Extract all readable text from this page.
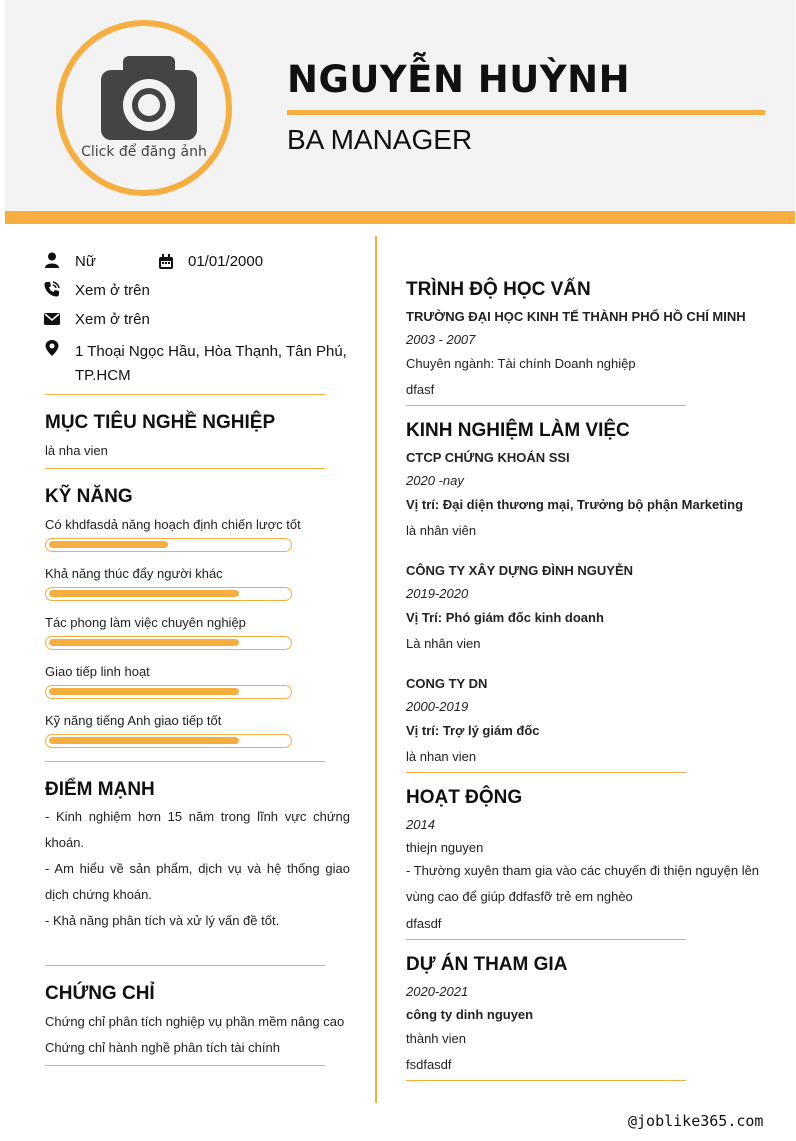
Click để đăng ảnh
NGUYỄN HUỲNH
BA MANAGER
Nữ	01/01/2000
Xem ở trên
Xem ở trên
1 Thoại Ngọc Hầu, Hòa Thạnh, Tân Phú, TP.HCM
MỤC TIÊU NGHỀ NGHIỆP
là nha vien
KỸ NĂNG
Có khdfasdả năng hoạch định chiến lược tốt
Khả năng thúc đẩy người khác
Tác phong làm việc chuyên nghiệp
Giao tiếp linh hoạt
Kỹ năng tiếng Anh giao tiếp tốt
ĐIỂM MẠNH
- Kinh nghiệm hơn 15 năm trong lĩnh vực chứng khoán.
- Am hiểu về sản phẩm, dịch vụ và hệ thống giao dịch chứng khoán.
- Khả năng phân tích và xử lý vấn đề tốt.
CHỨNG CHỈ
Chứng chỉ phân tích nghiệp vụ phần mềm nâng cao
Chứng chỉ hành nghề phân tích tài chính
TRÌNH ĐỘ HỌC VẤN
TRƯỜNG ĐẠI HỌC KINH TẾ THÀNH PHỐ HỒ CHÍ MINH
2003 - 2007
Chuyên ngành: Tài chính Doanh nghiệp
dfasf
KINH NGHIỆM LÀM VIỆC
CTCP CHỨNG KHOÁN SSI
2020 -nay
Vị trí: Đại diện thương mại, Trưởng bộ phận Marketing
là nhân viên
CÔNG TY XÂY DỰNG ĐÌNH NGUYỄN
2019-2020
Vị Trí: Phó giám đốc kinh doanh
Là nhân vien
CONG TY DN
2000-2019
Vị trí: Trợ lý giám đốc
là nhan vien
HOẠT ĐỘNG
2014
thiejn nguyen
- Thường xuyên tham gia vào các chuyến đi thiện nguyện lên vùng cao để giúp đdfasfỡ trẻ em nghèo
dfasdf
DỰ ÁN THAM GIA
2020-2021
công ty dinh nguyen
thành vien
fsdfasdf
@joblike365.com
